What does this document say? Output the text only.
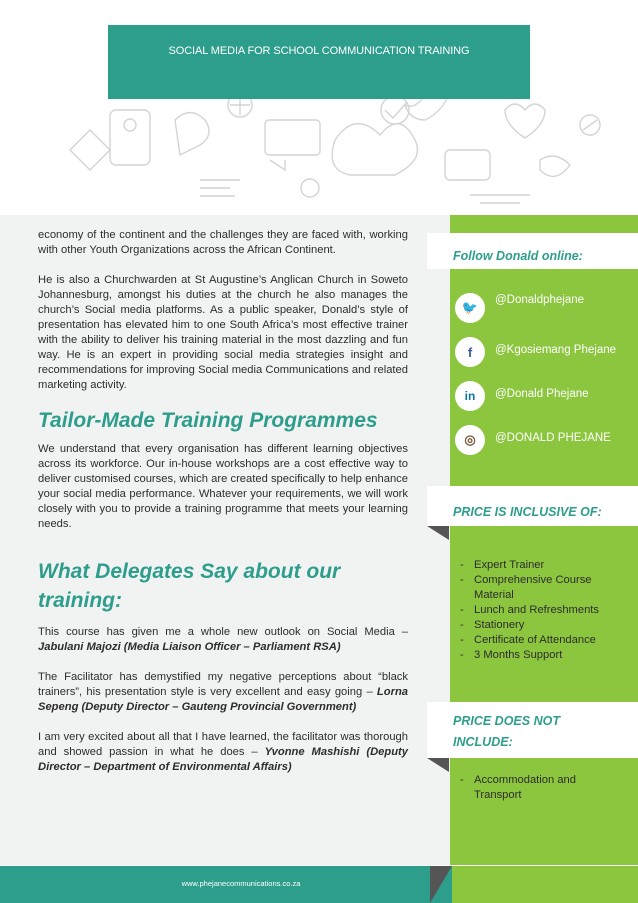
SOCIAL MEDIA FOR SCHOOL COMMUNICATION TRAINING
Follow Donald online:
🐦 @Donaldphejane
f @Kgosiemang Phejane
in @Donald Phejane
◎ @DONALD PHEJANE
PRICE IS INCLUSIVE OF:
- Expert Trainer
- Comprehensive Course Material
- Lunch and Refreshments
- Stationery
- Certificate of Attendance
- 3 Months Support
PRICE DOES NOT
INCLUDE:
- Accommodation and Transport

economy of the continent and the challenges they are faced with, working with other Youth Organizations across the African Continent.

He is also a Churchwarden at St Augustine’s Anglican Church in Soweto Johannesburg, amongst his duties at the church he also manages the church’s Social media platforms. As a public speaker, Donald’s style of presentation has elevated him to one South Africa’s most effective trainer with the ability to deliver his training material in the most dazzling and fun way. He is an expert in providing social media strategies insight and recommendations for improving Social media Communications and related marketing activity.

Tailor-Made Training Programmes

We understand that every organisation has different learning objectives across its workforce. Our in-house workshops are a cost effective way to deliver customised courses, which are created specifically to help enhance your social media performance. Whatever your requirements, we will work closely with you to provide a training programme that meets your learning needs.

What Delegates Say about our
training:

This course has given me a whole new outlook on Social Media – Jabulani Majozi (Media Liaison Officer – Parliament RSA)

The Facilitator has demystified my negative perceptions about “black trainers”, his presentation style is very excellent and easy going – Lorna Sepeng (Deputy Director – Gauteng Provincial Government)

I am very excited about all that I have learned, the facilitator was thorough and showed passion in what he does – Yvonne Mashishi (Deputy Director – Department of Environmental Affairs)

www.phejanecommunications.co.za
